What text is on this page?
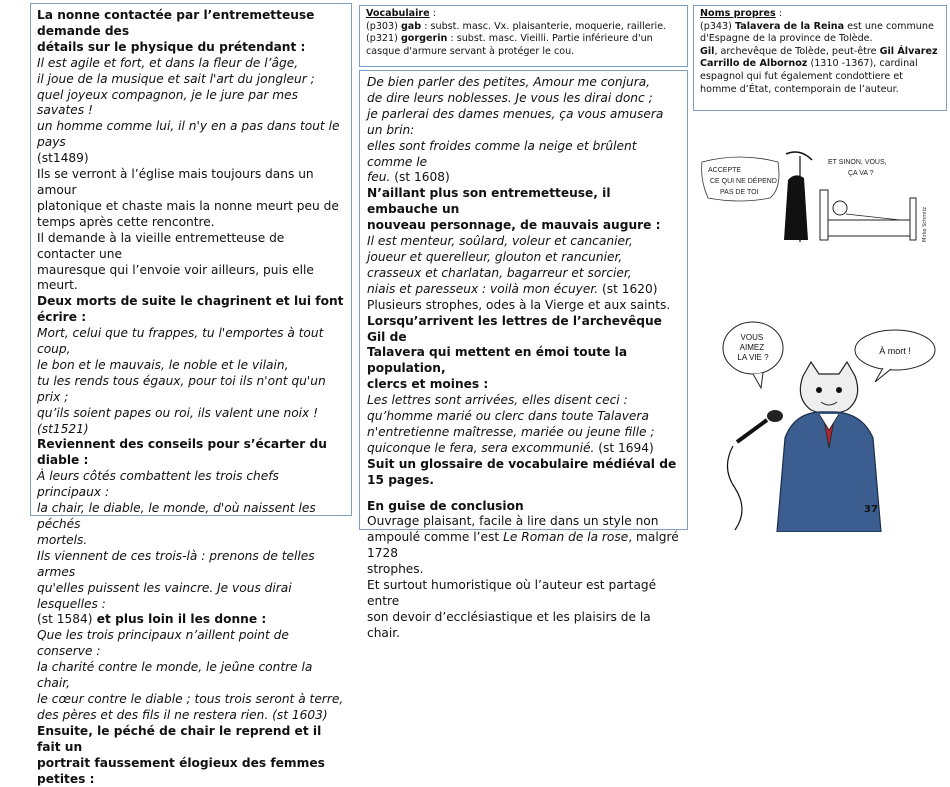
La nonne contactée par l’entremetteuse demande des

détails sur le physique du prétendant :

Il est agile et fort, et dans la fleur de l’âge,

il joue de la musique et sait l'art du jongleur ;

quel joyeux compagnon, je le jure par mes savates !

un homme comme lui, il n'y en a pas dans tout le pays

(st1489)

Ils se verront à l’église mais toujours dans un amour

platonique et chaste mais la nonne meurt peu de

temps après cette rencontre.

Il demande à la vieille entremetteuse de contacter une

mauresque qui l’envoie voir ailleurs, puis elle meurt.

Deux morts de suite le chagrinent et lui font écrire :

Mort, celui que tu frappes, tu l'emportes à tout coup,

le bon et le mauvais, le noble et le vilain,

tu les rends tous égaux, pour toi ils n'ont qu'un prix ;

qu’ils soient papes ou roi, ils valent une noix ! (st1521)

Reviennent des conseils pour s’écarter du diable :

À leurs côtés combattent les trois chefs principaux :

la chair, le diable, le monde, d'où naissent les péchés

mortels.

Ils viennent de ces trois-là : prenons de telles armes

qu'elles puissent les vaincre. Je vous dirai lesquelles :

(st 1584) et plus loin il les donne :

Que les trois principaux n’aillent point de conserve :

la charité contre le monde, le jeûne contre la chair,

le cœur contre le diable ; tous trois seront à terre,

des pères et des fils il ne restera rien. (st 1603)

Ensuite, le péché de chair le reprend et il fait un

portrait faussement élogieux des femmes petites :

Vocabulaire :

(p303) gab : subst. masc. Vx. plaisanterie, moquerie, raillerie.

(p321) gorgerin : subst. masc. Vieilli. Partie inférieure d'un casque d'armure servant à protéger le cou.

De bien parler des petites, Amour me conjura,

de dire leurs noblesses. Je vous les dirai donc ;

je parlerai des dames menues, ça vous amusera un brin:

elles sont froides comme la neige et brûlent comme le

feu. (st 1608)

N’aillant plus son entremetteuse, il embauche un

nouveau personnage, de mauvais augure :

Il est menteur, soûlard, voleur et cancanier,

joueur et querelleur, glouton et rancunier,

crasseux et charlatan, bagarreur et sorcier,

niais et paresseux : voilà mon écuyer. (st 1620)

Plusieurs strophes, odes à la Vierge et aux saints.

Lorsqu’arrivent les lettres de l’archevêque Gil de

Talavera qui mettent en émoi toute la population,

clercs et moines :

Les lettres sont arrivées, elles disent ceci :

qu’homme marié ou clerc dans toute Talavera

n'entretienne maîtresse, mariée ou jeune fille ;

quiconque le fera, sera excommunié. (st 1694)

Suit un glossaire de vocabulaire médiéval de 15 pages.

En guise de conclusion

Ouvrage plaisant, facile à lire dans un style non

ampoulé comme l’est Le Roman de la rose, malgré 1728

strophes.

Et surtout humoristique où l’auteur est partagé entre

son devoir d’ecclésiastique et les plaisirs de la chair.

Noms propres :

(p343) Talavera de la Reina est une commune d'Espagne de la province de Tolède.

Gil, archevêque de Tolède, peut-être Gil Álvarez Carrillo de Albornoz (1310 -1367), cardinal espagnol qui fut également condottiere et homme d’État, contemporain de l’auteur.

ACCEPTE CE QUI NE DÉPEND PAS DE TOI
ET SINON, VOUS, ÇA VA ?
Mirko Schmitz
VOUS AIMEZ LA VIE ?
À mort !
37
